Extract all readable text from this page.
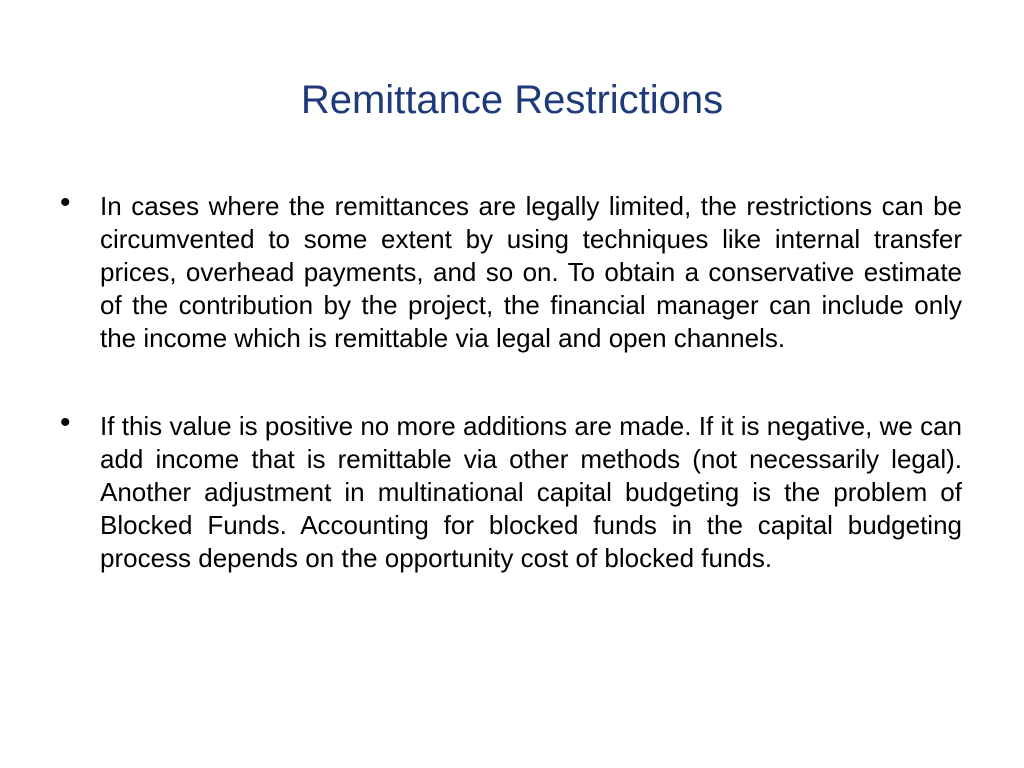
Remittance Restrictions
• In cases where the remittances are legally limited, the restrictions can be circumvented to some extent by using techniques like internal transfer prices, overhead payments, and so on. To obtain a conservative estimate of the contribution by the project, the financial manager can include only the income which is remittable via legal and open channels.
• If this value is positive no more additions are made. If it is negative, we can add income that is remittable via other methods (not necessarily legal). Another adjustment in multinational capital budgeting is the problem of Blocked Funds. Accounting for blocked funds in the capital budgeting process depends on the opportunity cost of blocked funds.
